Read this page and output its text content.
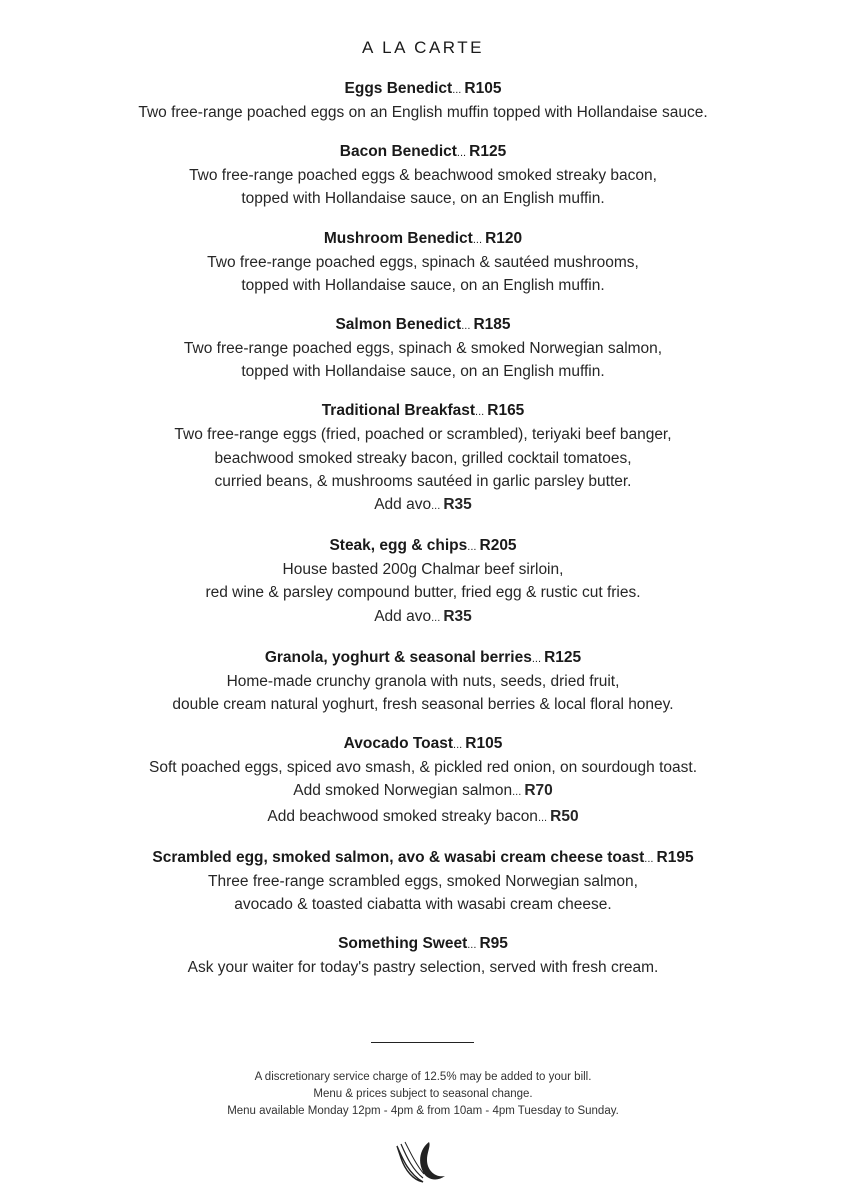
A LA CARTE
Eggs Benedict... R105
Two free-range poached eggs on an English muffin topped with Hollandaise sauce.
Bacon Benedict... R125
Two free-range poached eggs & beachwood smoked streaky bacon,
topped with Hollandaise sauce, on an English muffin.
Mushroom Benedict... R120
Two free-range poached eggs, spinach & sautéed mushrooms,
topped with Hollandaise sauce, on an English muffin.
Salmon Benedict... R185
Two free-range poached eggs, spinach & smoked Norwegian salmon,
topped with Hollandaise sauce, on an English muffin.
Traditional Breakfast... R165
Two free-range eggs (fried, poached or scrambled), teriyaki beef banger,
beachwood smoked streaky bacon, grilled cocktail tomatoes,
curried beans, & mushrooms sautéed in garlic parsley butter.
Add avo... R35
Steak, egg & chips... R205
House basted 200g Chalmar beef sirloin,
red wine & parsley compound butter, fried egg & rustic cut fries.
Add avo... R35
Granola, yoghurt & seasonal berries... R125
Home-made crunchy granola with nuts, seeds, dried fruit,
double cream natural yoghurt, fresh seasonal berries & local floral honey.
Avocado Toast... R105
Soft poached eggs, spiced avo smash, & pickled red onion, on sourdough toast.
Add smoked Norwegian salmon... R70
Add beachwood smoked streaky bacon... R50
Scrambled egg, smoked salmon, avo & wasabi cream cheese toast... R195
Three free-range scrambled eggs, smoked Norwegian salmon,
avocado & toasted ciabatta with wasabi cream cheese.
Something Sweet... R95
Ask your waiter for today's pastry selection, served with fresh cream.
A discretionary service charge of 12.5% may be added to your bill.
Menu & prices subject to seasonal change.
Menu available Monday 12pm - 4pm & from 10am - 4pm Tuesday to Sunday.
